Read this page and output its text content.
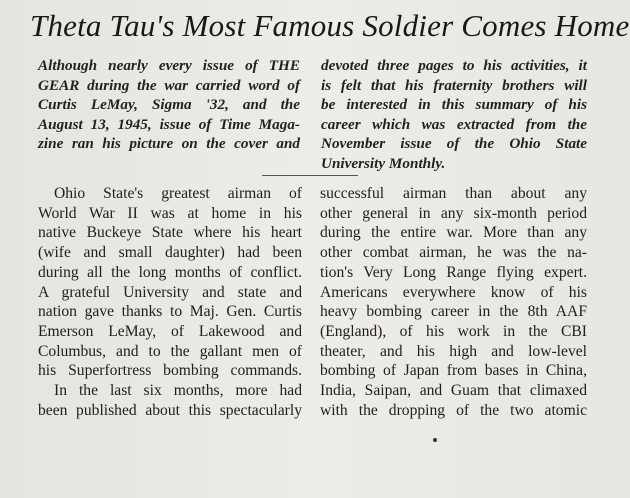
Theta Tau's Most Famous Soldier Comes Home
Although nearly every issue of THE
GEAR during the war carried word of
Curtis LeMay, Sigma '32, and the
August 13, 1945, issue of Time Maga-
zine ran his picture on the cover and
devoted three pages to his activities, it
is felt that his fraternity brothers will
be interested in this summary of his
career which was extracted from the
November issue of the Ohio State
University Monthly.
Ohio State's greatest airman of
World War II was at home in his
native Buckeye State where his heart
(wife and small daughter) had been
during all the long months of conflict.
A grateful University and state and
nation gave thanks to Maj. Gen. Curtis
Emerson LeMay, of Lakewood and
Columbus, and to the gallant men of
his Superfortress bombing commands.
In the last six months, more had
been published about this spectacularly
successful airman than about any
other general in any six-month period
during the entire war. More than any
other combat airman, he was the na-
tion's Very Long Range flying expert.
Americans everywhere know of his
heavy bombing career in the 8th AAF
(England), of his work in the CBI
theater, and his high and low-level
bombing of Japan from bases in China,
India, Saipan, and Guam that climaxed
with the dropping of the two atomic
